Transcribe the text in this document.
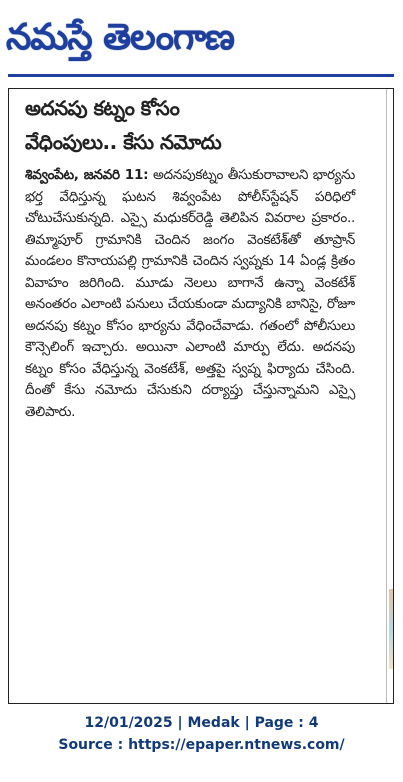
నమస్తే తెలంగాణ
అదనపు కట్నం కోసం
వేధింపులు.. కేసు నమోదు

శివ్వంపేట, జనవరి 11: అదనపుకట్నం తీసుకురావాలని భార్యను భర్త వేధిస్తున్న ఘటన శివ్వంపేట పోలీస్‌స్టేషన్ పరిధిలో చోటుచేసుకున్నది. ఎస్సై మధుకర్‌రెడ్డి తెలిపిన వివరాల ప్రకారం.. తిమ్మాపూర్ గ్రామానికి చెందిన జంగం వెంకటేశ్‌తో తూప్రాన్ మండలం కొనాయపల్లి గ్రామానికి చెందిన స్వప్నకు 14 ఏండ్ల క్రితం వివాహం జరిగింది. మూడు నెలలు బాగానే ఉన్నా వెంకటేశ్ అనంతరం ఎలాంటి పనులు చేయకుండా మద్యానికి బానిసై, రోజూ అదనపు కట్నం కోసం భార్యను వేధించేవాడు. గతంలో పోలీసులు కౌన్సెలింగ్ ఇచ్చారు. అయినా ఎలాంటి మార్పు లేదు. అదనపు కట్నం కోసం వేధిస్తున్న వెంకటేశ్, అత్తపై స్వప్న ఫిర్యాదు చేసింది. దీంతో కేసు నమోదు చేసుకుని దర్యాప్తు చేస్తున్నామని ఎస్సై తెలిపారు.

12/01/2025 | Medak | Page : 4
Source : https://epaper.ntnews.com/
